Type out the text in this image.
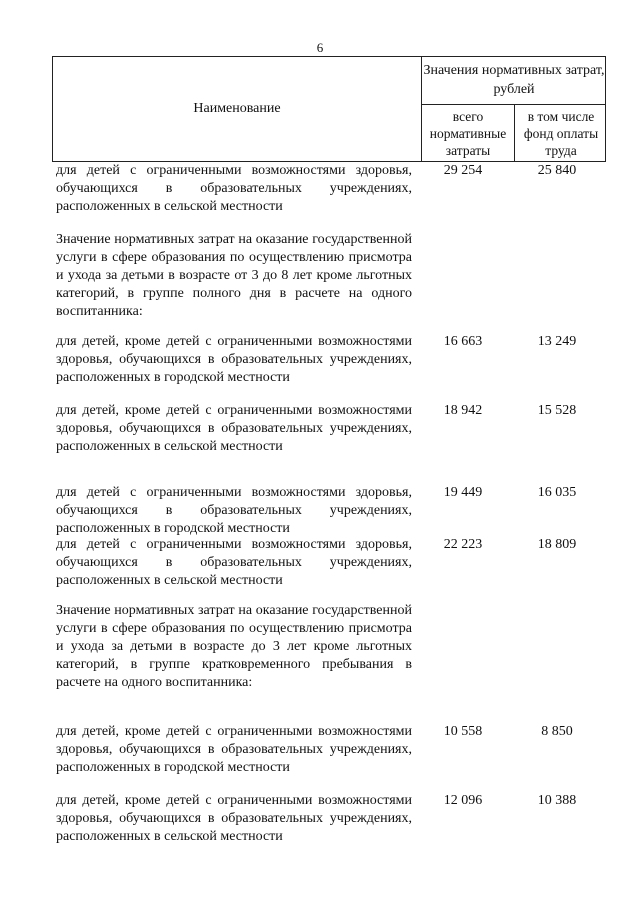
6
Наименование
Значения нормативных затрат, рублей
всего нормативные затраты
в том числе фонд оплаты труда
для детей с ограниченными возможностями здоровья, обучающихся в образовательных учреждениях, расположенных в сельской местности
29 254	25 840
Значение нормативных затрат на оказание государственной услуги в сфере образования по осуществлению присмотра и ухода за детьми в возрасте от 3 до 8 лет кроме льготных категорий, в группе полного дня в расчете на одного воспитанника:
для детей, кроме детей с ограниченными возможностями здоровья, обучающихся в образовательных учреждениях, расположенных в городской местности
16 663	13 249
для детей, кроме детей с ограниченными возможностями здоровья, обучающихся в образовательных учреждениях, расположенных в сельской местности
18 942	15 528
для детей с ограниченными возможностями здоровья, обучающихся в образовательных учреждениях, расположенных в городской местности
19 449	16 035
для детей с ограниченными возможностями здоровья, обучающихся в образовательных учреждениях, расположенных в сельской местности
22 223	18 809
Значение нормативных затрат на оказание государственной услуги в сфере образования по осуществлению присмотра и ухода за детьми в возрасте до 3 лет кроме льготных категорий, в группе кратковременного пребывания в расчете на одного воспитанника:
для детей, кроме детей с ограниченными возможностями здоровья, обучающихся в образовательных учреждениях, расположенных в городской местности
10 558	8 850
для детей, кроме детей с ограниченными возможностями здоровья, обучающихся в образовательных учреждениях, расположенных в сельской местности
12 096	10 388
